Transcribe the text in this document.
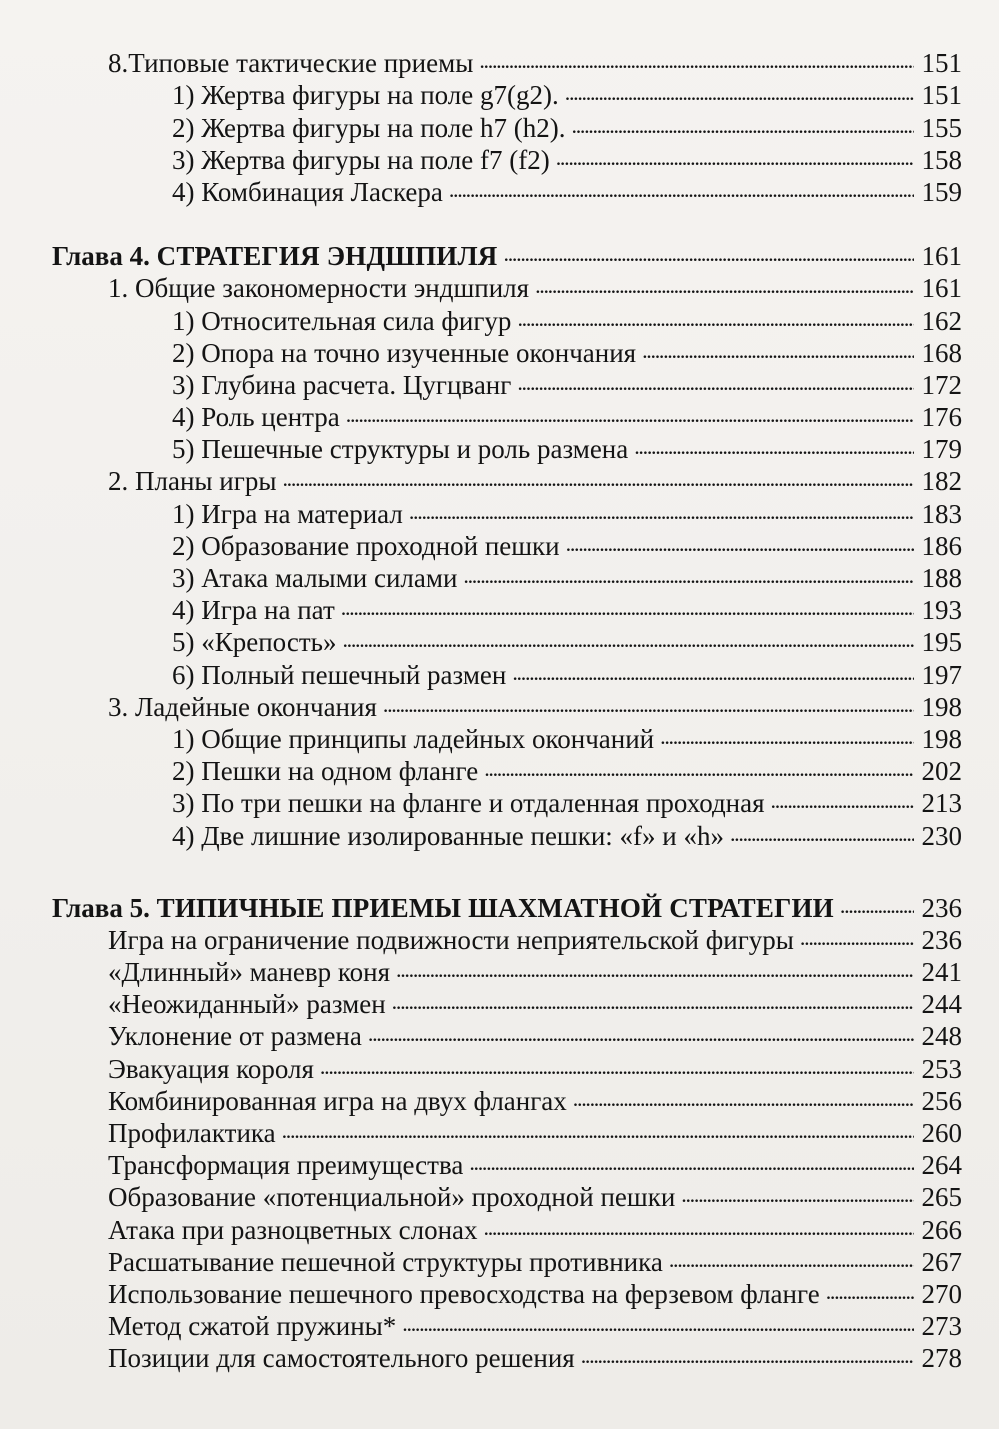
8.Типовые тактические приемы . . .	151
1) Жертва фигуры на поле g7(g2). . . .	151
2) Жертва фигуры на поле h7 (h2). . . .	155
3) Жертва фигуры на поле f7 (f2) . . .	158
4) Комбинация Ласкера . . .	159
Глава 4. СТРАТЕГИЯ ЭНДШПИЛЯ . . .	161
1. Общие закономерности эндшпиля . . .	161
1) Относительная сила фигур . . .	162
2) Опора на точно изученные окончания . . .	168
3) Глубина расчета. Цугцванг . . .	172
4) Роль центра . . .	176
5) Пешечные структуры и роль размена . . .	179
2. Планы игры . . .	182
1) Игра на материал . . .	183
2) Образование проходной пешки . . .	186
3) Атака малыми силами . . .	188
4) Игра на пат . . .	193
5) «Крепость» . . .	195
6) Полный пешечный размен . . .	197
3. Ладейные окончания . . .	198
1) Общие принципы ладейных окончаний . . .	198
2) Пешки на одном фланге . . .	202
3) По три пешки на фланге и отдаленная проходная . . .	213
4) Две лишние изолированные пешки: «f» и «h» . . .	230
Глава 5. ТИПИЧНЫЕ ПРИЕМЫ ШАХМАТНОЙ СТРАТЕГИИ . . .	236
Игра на ограничение подвижности неприятельской фигуры . . .	236
«Длинный» маневр коня . . .	241
«Неожиданный» размен . . .	244
Уклонение от размена . . .	248
Эвакуация короля . . .	253
Комбинированная игра на двух флангах . . .	256
Профилактика . . .	260
Трансформация преимущества . . .	264
Образование «потенциальной» проходной пешки . . .	265
Атака при разноцветных слонах . . .	266
Расшатывание пешечной структуры противника . . .	267
Использование пешечного превосходства на ферзевом фланге . . .	270
Метод сжатой пружины* . . .	273
Позиции для самостоятельного решения . . .	278
